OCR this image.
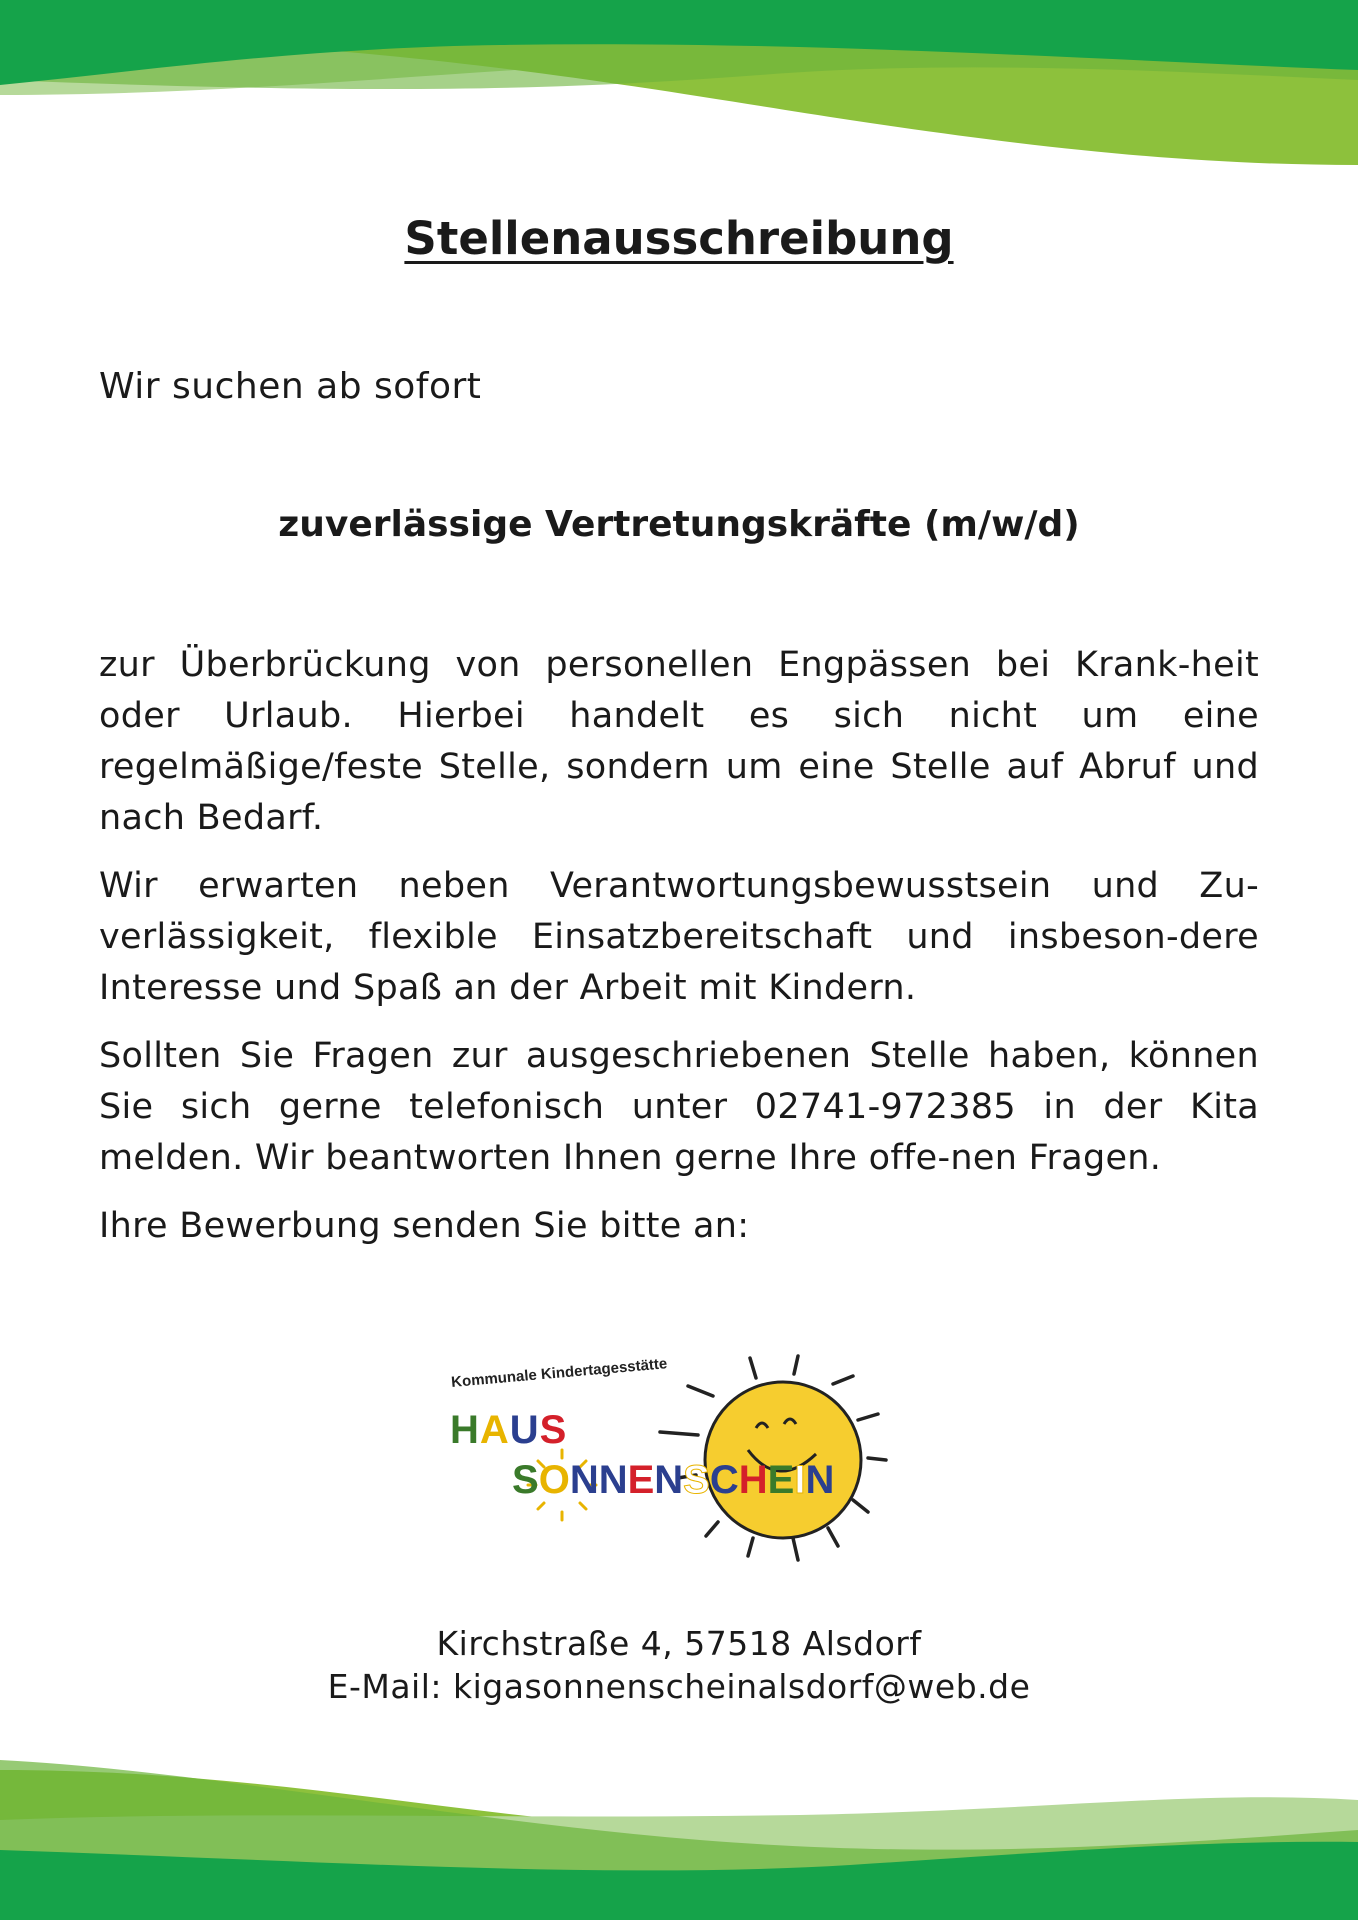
Stellenausschreibung

Wir suchen ab sofort

zuverlässige Vertretungskräfte (m/w/d)

zur Überbrückung von personellen Engpässen bei Krank-heit oder Urlaub. Hierbei handelt es sich nicht um eine regelmäßige/feste Stelle, sondern um eine Stelle auf Abruf und nach Bedarf.

Wir erwarten neben Verantwortungsbewusstsein und Zu-verlässigkeit, flexible Einsatzbereitschaft und insbeson-dere Interesse und Spaß an der Arbeit mit Kindern.

Sollten Sie Fragen zur ausgeschriebenen Stelle haben, können Sie sich gerne telefonisch unter 02741-972385 in der Kita melden. Wir beantworten Ihnen gerne Ihre offe-nen Fragen.

Ihre Bewerbung senden Sie bitte an:

Kommunale Kindertagesstätte
HAUS
SONNENSCHEIN
Kirchstraße 4, 57518 Alsdorf
E-Mail: kigasonnenscheinalsdorf@web.de
